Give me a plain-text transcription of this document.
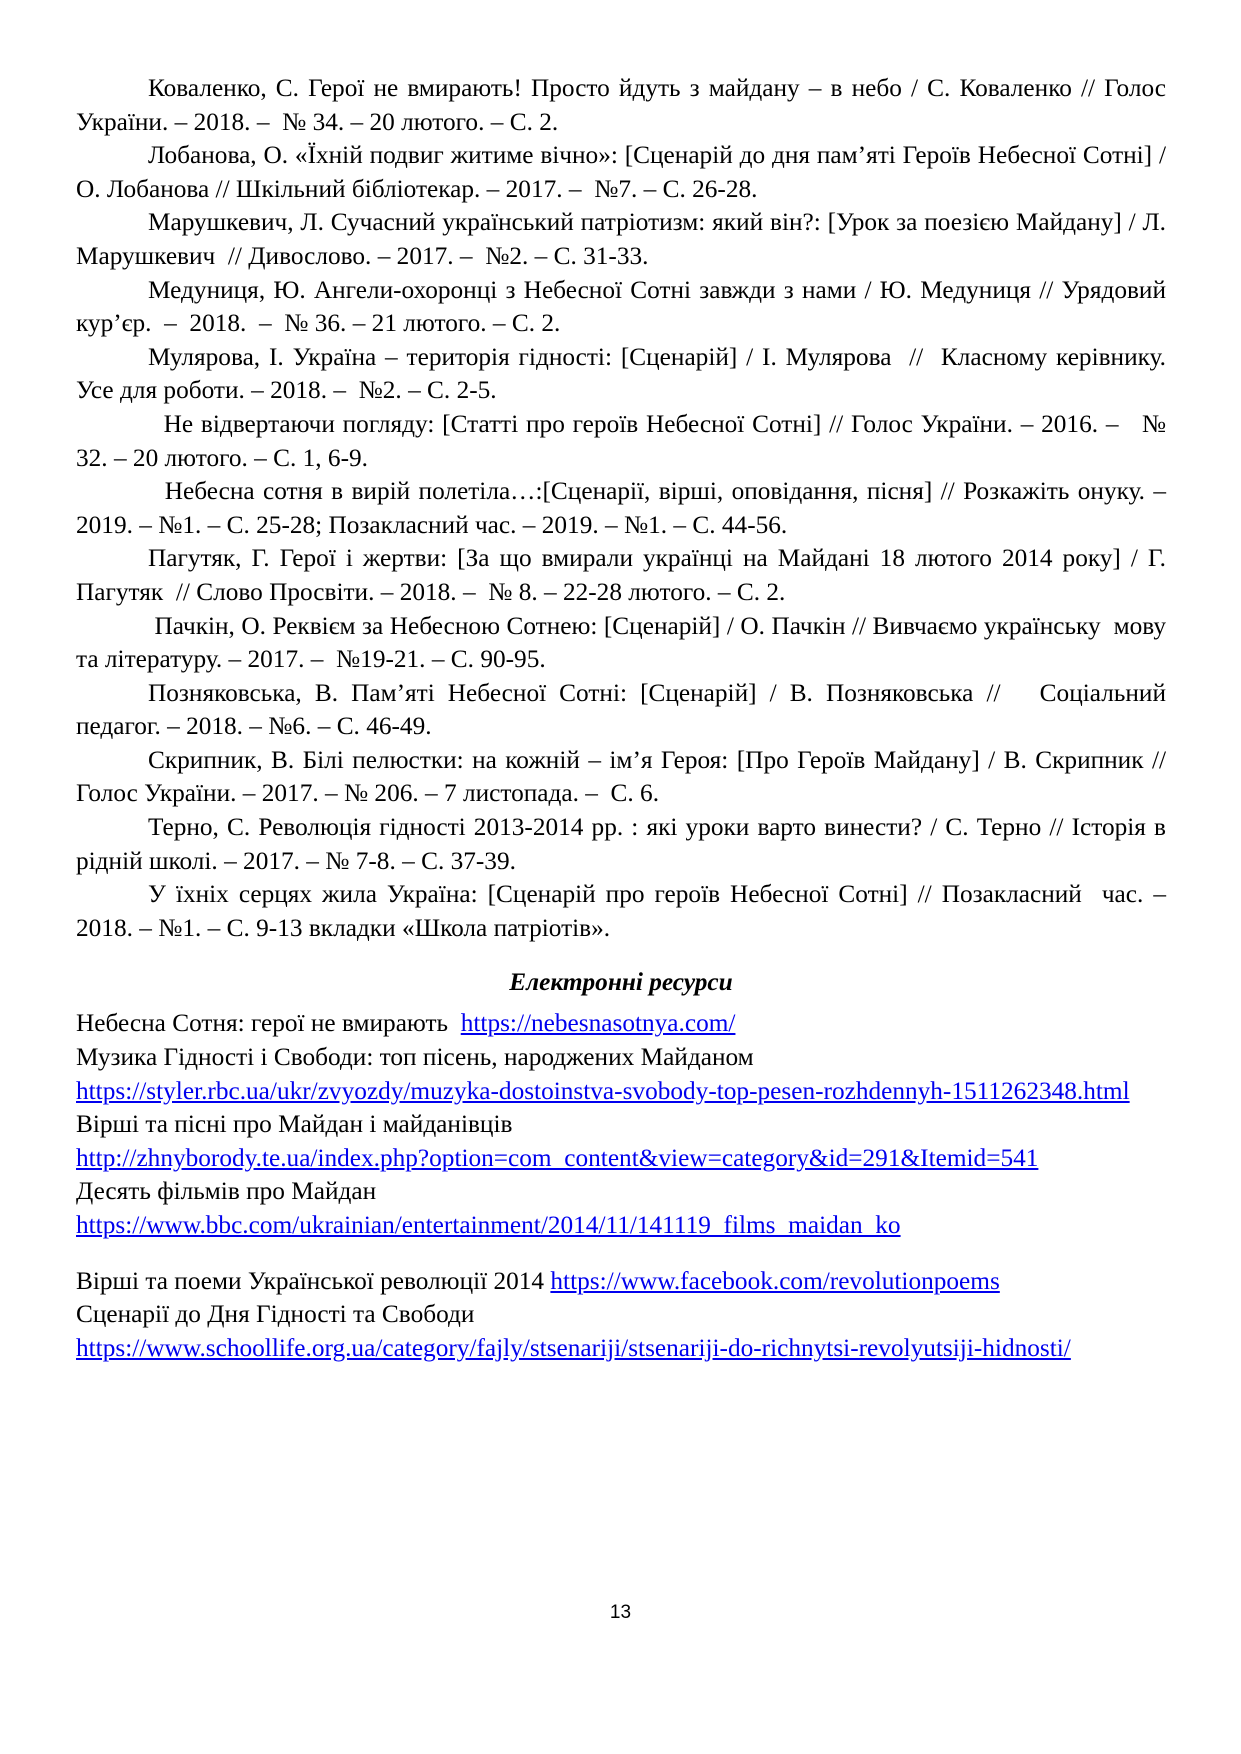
Коваленко, С. Герої не вмирають! Просто йдуть з майдану – в небо / С. Коваленко // Голос України. – 2018. –  № 34. – 20 лютого. – С. 2.

Лобанова, О. «Їхній подвиг житиме вічно»: [Сценарій до дня пам’яті Героїв Небесної Сотні] / О. Лобанова // Шкільний бібліотекар. – 2017. –  №7. – С. 26-28.

Марушкевич, Л. Сучасний український патріотизм: який він?: [Урок за поезією Майдану] / Л. Марушкевич  // Дивослово. – 2017. –  №2. – С. 31-33.

Медуниця, Ю. Ангели-охоронці з Небесної Сотні завжди з нами / Ю. Медуниця // Урядовий кур’єр.  –  2018.  –  № 36. – 21 лютого. – С. 2.

Мулярова, І. Україна – територія гідності: [Сценарій] / І. Мулярова  //  Класному керівнику. Усе для роботи. – 2018. –  №2. – С. 2-5.

Не відвертаючи погляду: [Статті про героїв Небесної Сотні] // Голос України. – 2016. –   № 32. – 20 лютого. – С. 1, 6-9.

Небесна сотня в вирій полетіла…:[Сценарії, вірші, оповідання, пісня] // Розкажіть онуку. – 2019. – №1. – С. 25-28; Позакласний час. – 2019. – №1. – С. 44-56.

Пагутяк, Г. Герої і жертви: [За що вмирали українці на Майдані 18 лютого 2014 року] / Г. Пагутяк  // Слово Просвіти. – 2018. –  № 8. – 22-28 лютого. – С. 2.

Пачкін, О. Реквієм за Небесною Сотнею: [Сценарій] / О. Пачкін // Вивчаємо українську  мову та літературу. – 2017. –  №19-21. – С. 90-95.

Позняковська, В. Пам’яті Небесної Сотні: [Сценарій] / В. Позняковська //   Соціальний педагог. – 2018. – №6. – С. 46-49.

Скрипник, В. Білі пелюстки: на кожній – ім’я Героя: [Про Героїв Майдану] / В. Скрипник // Голос України. – 2017. – № 206. – 7 листопада. –  С. 6.

Терно, С. Революція гідності 2013-2014 рр. : які уроки варто винести? / С. Терно // Історія в рідній школі. – 2017. – № 7-8. – С. 37-39.

У їхніх серцях жила Україна: [Сценарій про героїв Небесної Сотні] // Позакласний  час. – 2018. – №1. – С. 9-13 вкладки «Школа патріотів».

Електронні ресурси
Небесна Сотня: герої не вмирають  https://nebesnasotnya.com/
Музика Гідності і Свободи: топ пісень, народжених Майданом
https://styler.rbc.ua/ukr/zvyozdy/muzyka-dostoinstva-svobody-top-pesen-rozhdennyh-1511262348.html
Вірші та пісні про Майдан і майданівців
http://zhnyborody.te.ua/index.php?option=com_content&view=category&id=291&Itemid=541
Десять фільмів про Майдан
https://www.bbc.com/ukrainian/entertainment/2014/11/141119_films_maidan_ko
Вірші та поеми Української революції 2014 https://www.facebook.com/revolutionpoems
Сценарії до Дня Гідності та Свободи
https://www.schoollife.org.ua/category/fajly/stsenariji/stsenariji-do-richnytsi-revolyutsiji-hidnosti/
13
